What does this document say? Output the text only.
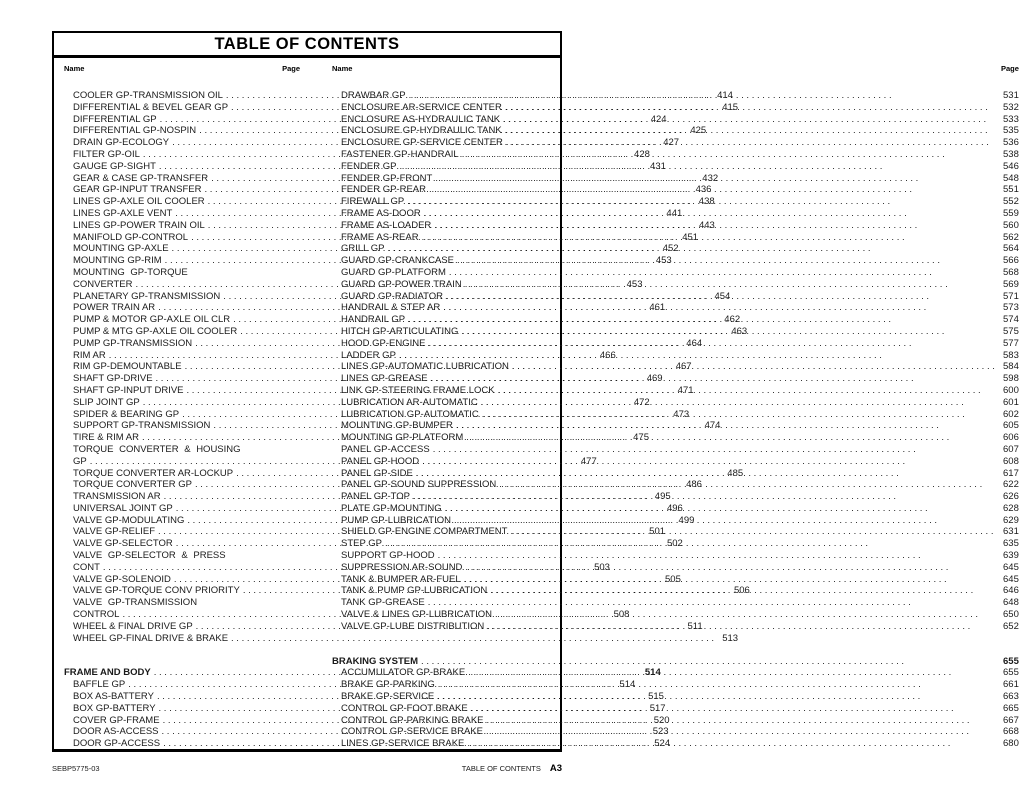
TABLE OF CONTENTS
Name	Page
COOLER GP-TRANSMISSION OIL . . .	414
DIFFERENTIAL & BEVEL GEAR GP . . .	415
DIFFERENTIAL GP . . .	424
DIFFERENTIAL GP-NOSPIN . . .	425
DRAIN GP-ECOLOGY . . .	427
FILTER GP-OIL . . .	428
GAUGE GP-SIGHT . . .	431
GEAR & CASE GP-TRANSFER . . .	432
GEAR GP-INPUT TRANSFER . . .	436
LINES GP-AXLE OIL COOLER . . .	438
LINES GP-AXLE VENT . . .	441
LINES GP-POWER TRAIN OIL . . .	443
MANIFOLD GP-CONTROL . . .	451
MOUNTING GP-AXLE . . .	452
MOUNTING GP-RIM . . .	453
MOUNTING GP-TORQUE
CONVERTER . . .	453
PLANETARY GP-TRANSMISSION . . .	454
POWER TRAIN AR . . .	461
PUMP & MOTOR GP-AXLE OIL CLR . . .	462
PUMP & MTG GP-AXLE OIL COOLER . . .	463
PUMP GP-TRANSMISSION . . .	464
RIM AR . . .	466
RIM GP-DEMOUNTABLE . . .	467
SHAFT GP-DRIVE . . .	469
SHAFT GP-INPUT DRIVE . . .	471
SLIP JOINT GP . . .	472
SPIDER & BEARING GP . . .	473
SUPPORT GP-TRANSMISSION . . .	474
TIRE & RIM AR . . .	475
TORQUE CONVERTER & HOUSING
GP . . .	477
TORQUE CONVERTER AR-LOCKUP . . .	485
TORQUE CONVERTER GP . . .	486
TRANSMISSION AR . . .	495
UNIVERSAL JOINT GP . . .	496
VALVE GP-MODULATING . . .	499
VALVE GP-RELIEF . . .	501
VALVE GP-SELECTOR . . .	502
VALVE GP-SELECTOR & PRESS
CONT . . .	503
VALVE GP-SOLENOID . . .	505
VALVE GP-TORQUE CONV PRIORITY . . .	506
VALVE GP-TRANSMISSION
CONTROL . . .	508
WHEEL & FINAL DRIVE GP . . .	511
WHEEL GP-FINAL DRIVE & BRAKE . . .	513
FRAME AND BODY . . .	514
BAFFLE GP . . .	514
BOX AS-BATTERY . . .	515
BOX GP-BATTERY . . .	517
COVER GP-FRAME . . .	520
DOOR AS-ACCESS . . .	523
DOOR GP-ACCESS . . .	524
Name	Page
DRAWBAR GP . . .	531
ENCLOSURE AR-SERVICE CENTER . . .	532
ENCLOSURE AS-HYDRAULIC TANK . . .	533
ENCLOSURE GP-HYDRAULIC TANK . . .	535
ENCLOSURE GP-SERVICE CENTER . . .	536
FASTENER GP-HANDRAIL . . .	538
FENDER GP . . .	546
FENDER GP-FRONT . . .	548
FENDER GP-REAR . . .	551
FIREWALL GP . . .	552
FRAME AS-DOOR . . .	559
FRAME AS-LOADER . . .	560
FRAME AS-REAR . . .	562
GRILL GP . . .	564
GUARD GP-CRANKCASE . . .	566
GUARD GP-PLATFORM . . .	568
GUARD GP-POWER TRAIN . . .	569
GUARD GP-RADIATOR . . .	571
HANDRAIL & STEP AR . . .	573
HANDRAIL GP . . .	574
HITCH GP-ARTICULATING . . .	575
HOOD GP-ENGINE . . .	577
LADDER GP . . .	583
LINES GP-AUTOMATIC LUBRICATION . . .	584
LINES GP-GREASE . . .	598
LINK GP-STEERING FRAME LOCK . . .	600
LUBRICATION AR-AUTOMATIC . . .	601
LUBRICATION GP-AUTOMATIC . . .	602
MOUNTING GP-BUMPER . . .	605
MOUNTING GP-PLATFORM . . .	606
PANEL GP-ACCESS . . .	607
PANEL GP-HOOD . . .	608
PANEL GP-SIDE . . .	617
PANEL GP-SOUND SUPPRESSION . . .	622
PANEL GP-TOP . . .	626
PLATE GP-MOUNTING . . .	628
PUMP GP-LUBRICATION . . .	629
SHIELD GP-ENGINE COMPARTMENT . . .	631
STEP GP . . .	635
SUPPORT GP-HOOD . . .	639
SUPPRESSION AR-SOUND . . .	645
TANK & BUMPER AR-FUEL . . .	645
TANK & PUMP GP-LUBRICATION . . .	646
TANK GP-GREASE . . .	648
VALVE & LINES GP-LUBRICATION . . .	650
VALVE GP-LUBE DISTRIBUTION . . .	652
BRAKING SYSTEM . . .	655
ACCUMULATOR GP-BRAKE . . .	655
BRAKE GP-PARKING . . .	661
BRAKE GP-SERVICE . . .	663
CONTROL GP-FOOT BRAKE . . .	665
CONTROL GP-PARKING BRAKE . . .	667
CONTROL GP-SERVICE BRAKE . . .	668
LINES GP-SERVICE BRAKE . . .	680
SEBP5775-03	TABLE OF CONTENTS A3
